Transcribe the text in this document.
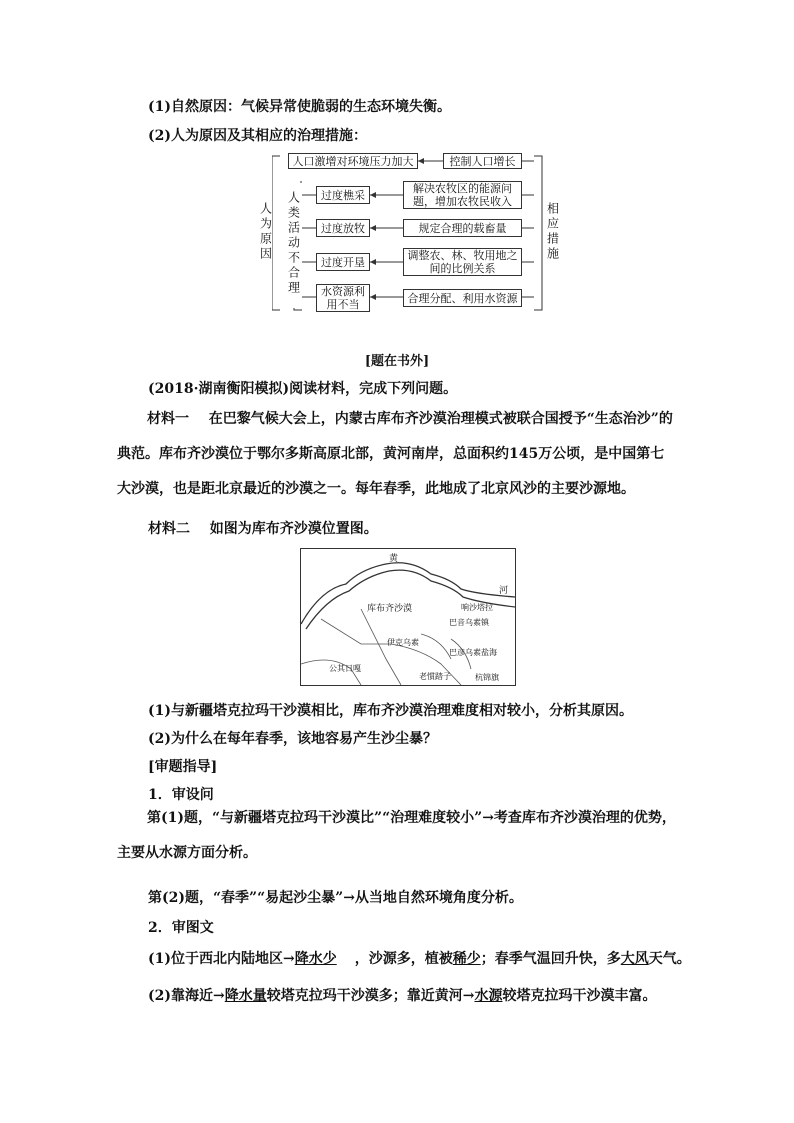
(1)自然原因：气候异常使脆弱的生态环境失衡。
(2)人为原因及其相应的治理措施：
人为原因 人类活动不合理	相应措施
人口激增对环境压力加大	控制人口增长
过度樵采	解决农牧区的能源问题，增加农牧民收入
过度放牧	规定合理的载畜量
过度开垦	调整农、林、牧用地之间的比例关系
水资源利用不当	合理分配、利用水资源
[题在书外]
(2018·湖南衡阳模拟)阅读材料，完成下列问题。
材料一 在巴黎气候大会上，内蒙古库布齐沙漠治理模式被联合国授予“生态治沙”的典范。库布齐沙漠位于鄂尔多斯高原北部，黄河南岸，总面积约145万公顷，是中国第七大沙漠，也是距北京最近的沙漠之一。每年春季，此地成了北京风沙的主要沙源地。
材料二 如图为库布齐沙漠位置图。
黄
河
库布齐沙漠	响沙塔拉
巴音乌素镇
伊克乌素
巴彦乌素盐海
公其日嘎
老惯踏子	杭锦旗
(1)与新疆塔克拉玛干沙漠相比，库布齐沙漠治理难度相对较小，分析其原因。
(2)为什么在每年春季，该地容易产生沙尘暴？
[审题指导]
1．审设问
第(1)题，“与新疆塔克拉玛干沙漠比”“治理难度较小”→考查库布齐沙漠治理的优势，主要从水源方面分析。
第(2)题，“春季”“易起沙尘暴”→从当地自然环境角度分析。
2．审图文
(1)位于西北内陆地区→降水少 ，沙源多，植被稀少；春季气温回升快，多大风天气。
(2)靠海近→降水量较塔克拉玛干沙漠多；靠近黄河→水源较塔克拉玛干沙漠丰富。
